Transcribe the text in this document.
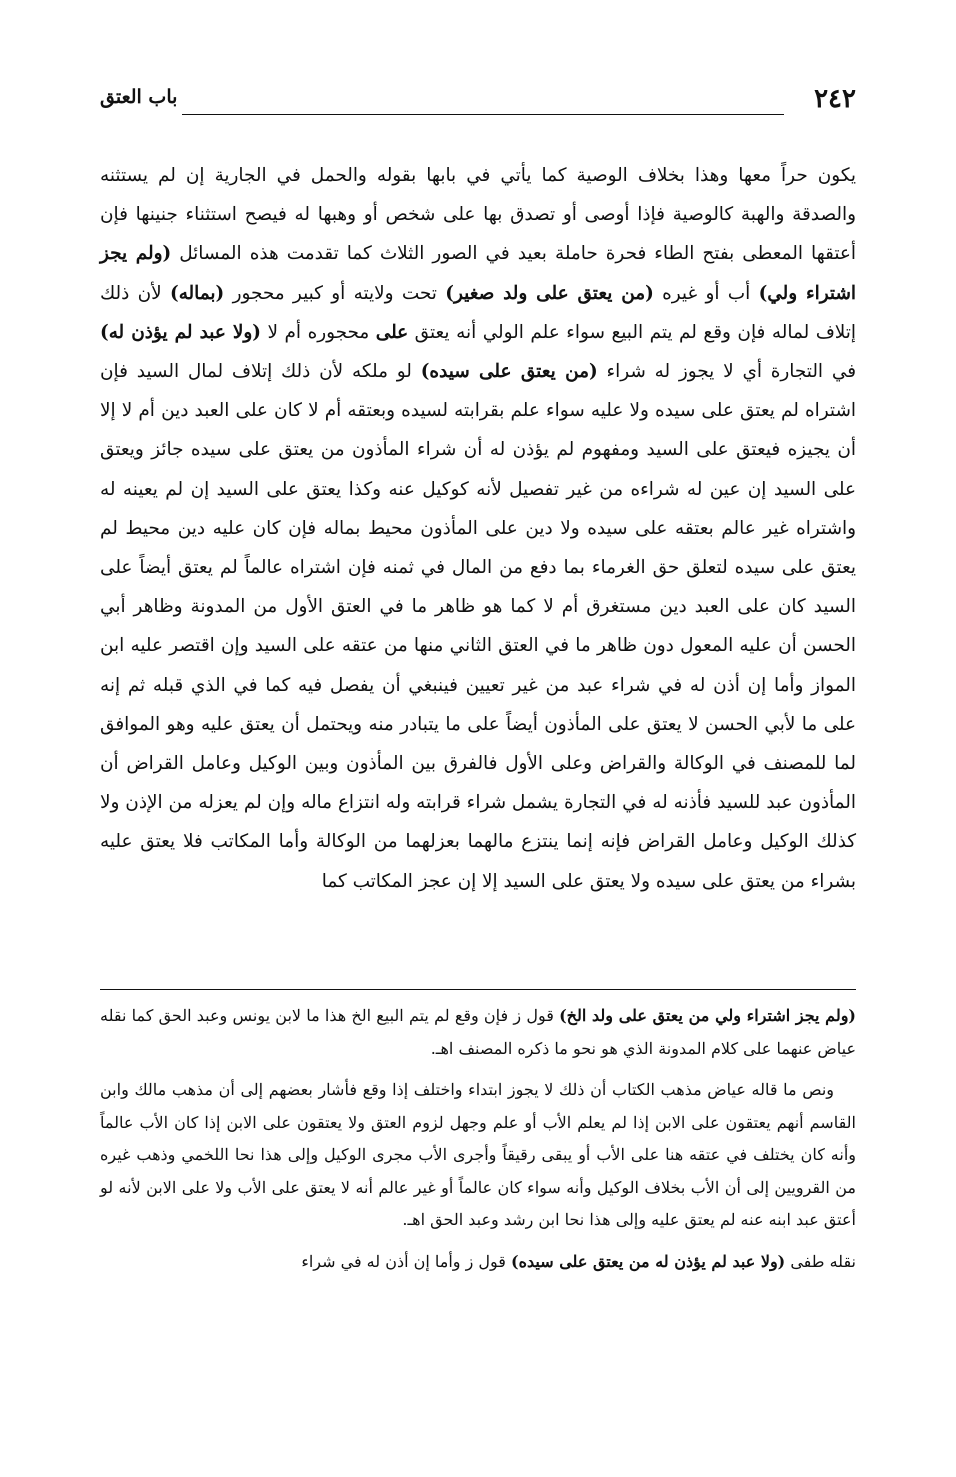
٢٤٢
باب العتق

يكون حراً معها وهذا بخلاف الوصية كما يأتي في بابها بقوله والحمل في الجارية إن لم يستثنه والصدقة والهبة كالوصية فإذا أوصى أو تصدق بها على شخص أو وهبها له فيصح استثناء جنينها فإن أعتقها المعطى بفتح الطاء فحرة حاملة بعيد في الصور الثلاث كما تقدمت هذه المسائل (ولم يجز اشتراء ولي) أب أو غيره (من يعتق على ولد صغير) تحت ولايته أو كبير محجور (بماله) لأن ذلك إتلاف لماله فإن وقع لم يتم البيع سواء علم الولي أنه يعتق على محجوره أم لا (ولا عبد لم يؤذن له) في التجارة أي لا يجوز له شراء (من يعتق على سيده) لو ملكه لأن ذلك إتلاف لمال السيد فإن اشتراه لم يعتق على سيده ولا عليه سواء علم بقرابته لسيده وبعتقه أم لا كان على العبد دين أم لا إلا أن يجيزه فيعتق على السيد ومفهوم لم يؤذن له أن شراء المأذون من يعتق على سيده جائز ويعتق على السيد إن عين له شراءه من غير تفصيل لأنه كوكيل عنه وكذا يعتق على السيد إن لم يعينه له واشتراه غير عالم بعتقه على سيده ولا دين على المأذون محيط بماله فإن كان عليه دين محيط لم يعتق على سيده لتعلق حق الغرماء بما دفع من المال في ثمنه فإن اشتراه عالماً لم يعتق أيضاً على السيد كان على العبد دين مستغرق أم لا كما هو ظاهر ما في العتق الأول من المدونة وظاهر أبي الحسن أن عليه المعول دون ظاهر ما في العتق الثاني منها من عتقه على السيد وإن اقتصر عليه ابن المواز وأما إن أذن له في شراء عبد من غير تعيين فينبغي أن يفصل فيه كما في الذي قبله ثم إنه على ما لأبي الحسن لا يعتق على المأذون أيضاً على ما يتبادر منه ويحتمل أن يعتق عليه وهو الموافق لما للمصنف في الوكالة والقراض وعلى الأول فالفرق بين المأذون وبين الوكيل وعامل القراض أن المأذون عبد للسيد فأذنه له في التجارة يشمل شراء قرابته وله انتزاع ماله وإن لم يعزله من الإذن ولا كذلك الوكيل وعامل القراض فإنه إنما ينتزع مالهما بعزلهما من الوكالة وأما المكاتب فلا يعتق عليه بشراء من يعتق على سيده ولا يعتق على السيد إلا إن عجز المكاتب كما

(ولم يجز اشتراء ولي من يعتق على ولد الخ) قول ز فإن وقع لم يتم البيع الخ هذا ما لابن يونس وعبد الحق كما نقله عياض عنهما على كلام المدونة الذي هو نحو ما ذكره المصنف اهـ.

ونص ما قاله عياض مذهب الكتاب أن ذلك لا يجوز ابتداء واختلف إذا وقع فأشار بعضهم إلى أن مذهب مالك وابن القاسم أنهم يعتقون على الابن إذا لم يعلم الأب أو علم وجهل لزوم العتق ولا يعتقون على الابن إذا كان الأب عالماً وأنه كان يختلف في عتقه هنا على الأب أو يبقى رقيقاً وأجرى الأب مجرى الوكيل وإلى هذا نحا اللخمي وذهب غيره من القرويين إلى أن الأب بخلاف الوكيل وأنه سواء كان عالماً أو غير عالم أنه لا يعتق على الأب ولا على الابن لأنه لو أعتق عبد ابنه عنه لم يعتق عليه وإلى هذا نحا ابن رشد وعبد الحق اهـ.

نقله طفى (ولا عبد لم يؤذن له من يعتق على سيده) قول ز وأما إن أذن له في شراء
